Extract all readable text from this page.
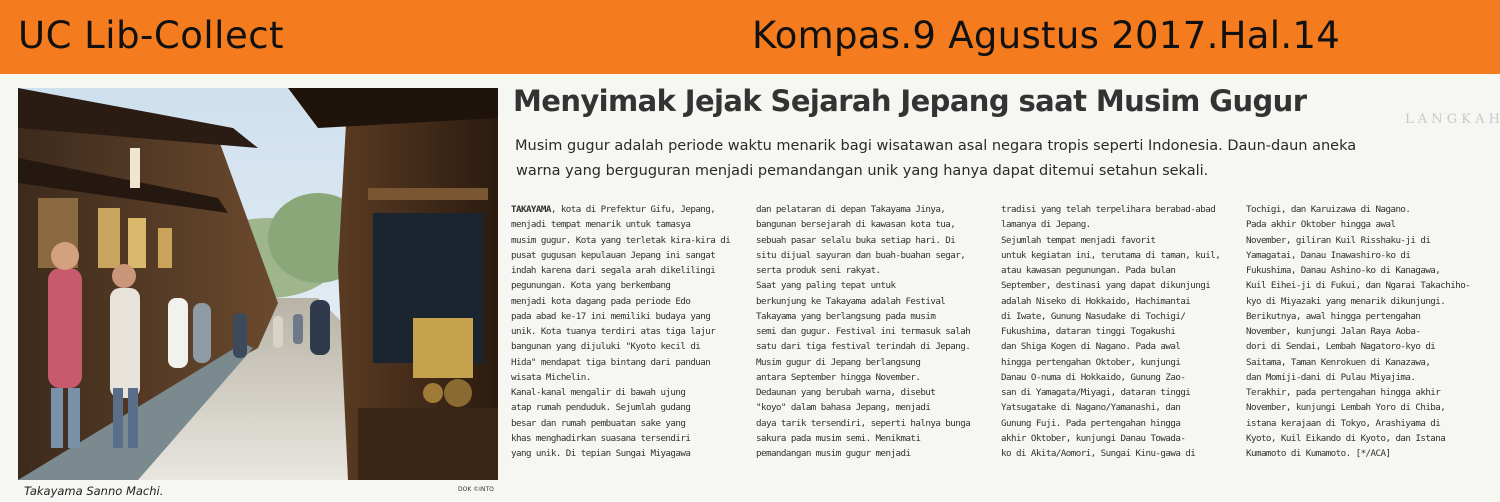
UC Lib-Collect	Kompas.9 Agustus 2017.Hal.14
Takayama Sanno Machi.	DOK ©INTO
Menyimak Jejak Sejarah Jepang saat Musim Gugur
Musim gugur adalah periode waktu menarik bagi wisatawan asal negara tropis seperti Indonesia. Daun-daun aneka
warna yang berguguran menjadi pemandangan unik yang hanya dapat ditemui setahun sekali.
L A N G K A H

TAKAYAMA, kota di Prefektur Gifu, Jepang,
menjadi tempat menarik untuk tamasya
musim gugur. Kota yang terletak kira-kira di
pusat gugusan kepulauan Jepang ini sangat
indah karena dari segala arah dikelilingi
pegunungan. Kota yang berkembang
menjadi kota dagang pada periode Edo
pada abad ke-17 ini memiliki budaya yang
unik. Kota tuanya terdiri atas tiga lajur
bangunan yang dijuluki "Kyoto kecil di
Hida" mendapat tiga bintang dari panduan
wisata Michelin.
Kanal-kanal mengalir di bawah ujung
atap rumah penduduk. Sejumlah gudang
besar dan rumah pembuatan sake yang
khas menghadirkan suasana tersendiri
yang unik. Di tepian Sungai Miyagawa
dan pelataran di depan Takayama Jinya,
bangunan bersejarah di kawasan kota tua,
sebuah pasar selalu buka setiap hari. Di
situ dijual sayuran dan buah-buahan segar,
serta produk seni rakyat.
Saat yang paling tepat untuk
berkunjung ke Takayama adalah Festival
Takayama yang berlangsung pada musim
semi dan gugur. Festival ini termasuk salah
satu dari tiga festival terindah di Jepang.
Musim gugur di Jepang berlangsung
antara September hingga November.
Dedaunan yang berubah warna, disebut
"koyo" dalam bahasa Jepang, menjadi
daya tarik tersendiri, seperti halnya bunga
sakura pada musim semi. Menikmati
pemandangan musim gugur menjadi
tradisi yang telah terpelihara berabad-abad
lamanya di Jepang.
Sejumlah tempat menjadi favorit
untuk kegiatan ini, terutama di taman, kuil,
atau kawasan pegunungan. Pada bulan
September, destinasi yang dapat dikunjungi
adalah Niseko di Hokkaido, Hachimantai
di Iwate, Gunung Nasudake di Tochigi/
Fukushima, dataran tinggi Togakushi
dan Shiga Kogen di Nagano. Pada awal
hingga pertengahan Oktober, kunjungi
Danau O-numa di Hokkaido, Gunung Zao-
san di Yamagata/Miyagi, dataran tinggi
Yatsugatake di Nagano/Yamanashi, dan
Gunung Fuji. Pada pertengahan hingga
akhir Oktober, kunjungi Danau Towada-
ko di Akita/Aomori, Sungai Kinu-gawa di
Tochigi, dan Karuizawa di Nagano.
Pada akhir Oktober hingga awal
November, giliran Kuil Risshaku-ji di
Yamagatai, Danau Inawashiro-ko di
Fukushima, Danau Ashino-ko di Kanagawa,
Kuil Eihei-ji di Fukui, dan Ngarai Takachiho-
kyo di Miyazaki yang menarik dikunjungi.
Berikutnya, awal hingga pertengahan
November, kunjungi Jalan Raya Aoba-
dori di Sendai, Lembah Nagatoro-kyo di
Saitama, Taman Kenrokuen di Kanazawa,
dan Momiji-dani di Pulau Miyajima.
Terakhir, pada pertengahan hingga akhir
November, kunjungi Lembah Yoro di Chiba,
istana kerajaan di Tokyo, Arashiyama di
Kyoto, Kuil Eikando di Kyoto, dan Istana
Kumamoto di Kumamoto. [*/ACA]
